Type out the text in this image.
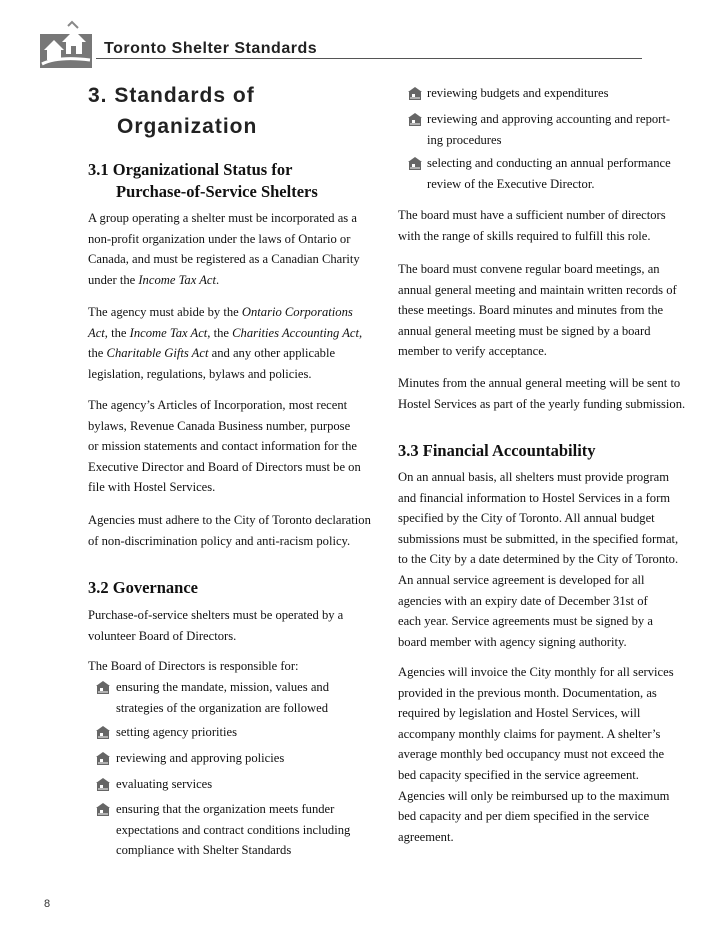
Toronto Shelter Standards
3. Standards of
Organization
3.1 Organizational Status for
Purchase-of-Service Shelters
A group operating a shelter must be incorporated as a
non-profit organization under the laws of Ontario or
Canada, and must be registered as a Canadian Charity
under the Income Tax Act.
The agency must abide by the Ontario Corporations
Act, the Income Tax Act, the Charities Accounting Act,
the Charitable Gifts Act and any other applicable
legislation, regulations, bylaws and policies.
The agency’s Articles of Incorporation, most recent
bylaws, Revenue Canada Business number, purpose
or mission statements and contact information for the
Executive Director and Board of Directors must be on
file with Hostel Services.
Agencies must adhere to the City of Toronto declaration
of non-discrimination policy and anti-racism policy.
3.2 Governance
Purchase-of-service shelters must be operated by a
volunteer Board of Directors.
The Board of Directors is responsible for:
ensuring the mandate, mission, values and
strategies of the organization are followed
setting agency priorities
reviewing and approving policies
evaluating services
ensuring that the organization meets funder
expectations and contract conditions including
compliance with Shelter Standards
reviewing budgets and expenditures
reviewing and approving accounting and report-
ing procedures
selecting and conducting an annual performance
review of the Executive Director.
The board must have a sufficient number of directors
with the range of skills required to fulfill this role.
The board must convene regular board meetings, an
annual general meeting and maintain written records of
these meetings. Board minutes and minutes from the
annual general meeting must be signed by a board
member to verify acceptance.
Minutes from the annual general meeting will be sent to
Hostel Services as part of the yearly funding submission.
3.3 Financial Accountability
On an annual basis, all shelters must provide program
and financial information to Hostel Services in a form
specified by the City of Toronto. All annual budget
submissions must be submitted, in the specified format,
to the City by a date determined by the City of Toronto.
An annual service agreement is developed for all
agencies with an expiry date of December 31st of
each year. Service agreements must be signed by a
board member with agency signing authority.
Agencies will invoice the City monthly for all services
provided in the previous month. Documentation, as
required by legislation and Hostel Services, will
accompany monthly claims for payment. A shelter’s
average monthly bed occupancy must not exceed the
bed capacity specified in the service agreement.
Agencies will only be reimbursed up to the maximum
bed capacity and per diem specified in the service
agreement.
8
